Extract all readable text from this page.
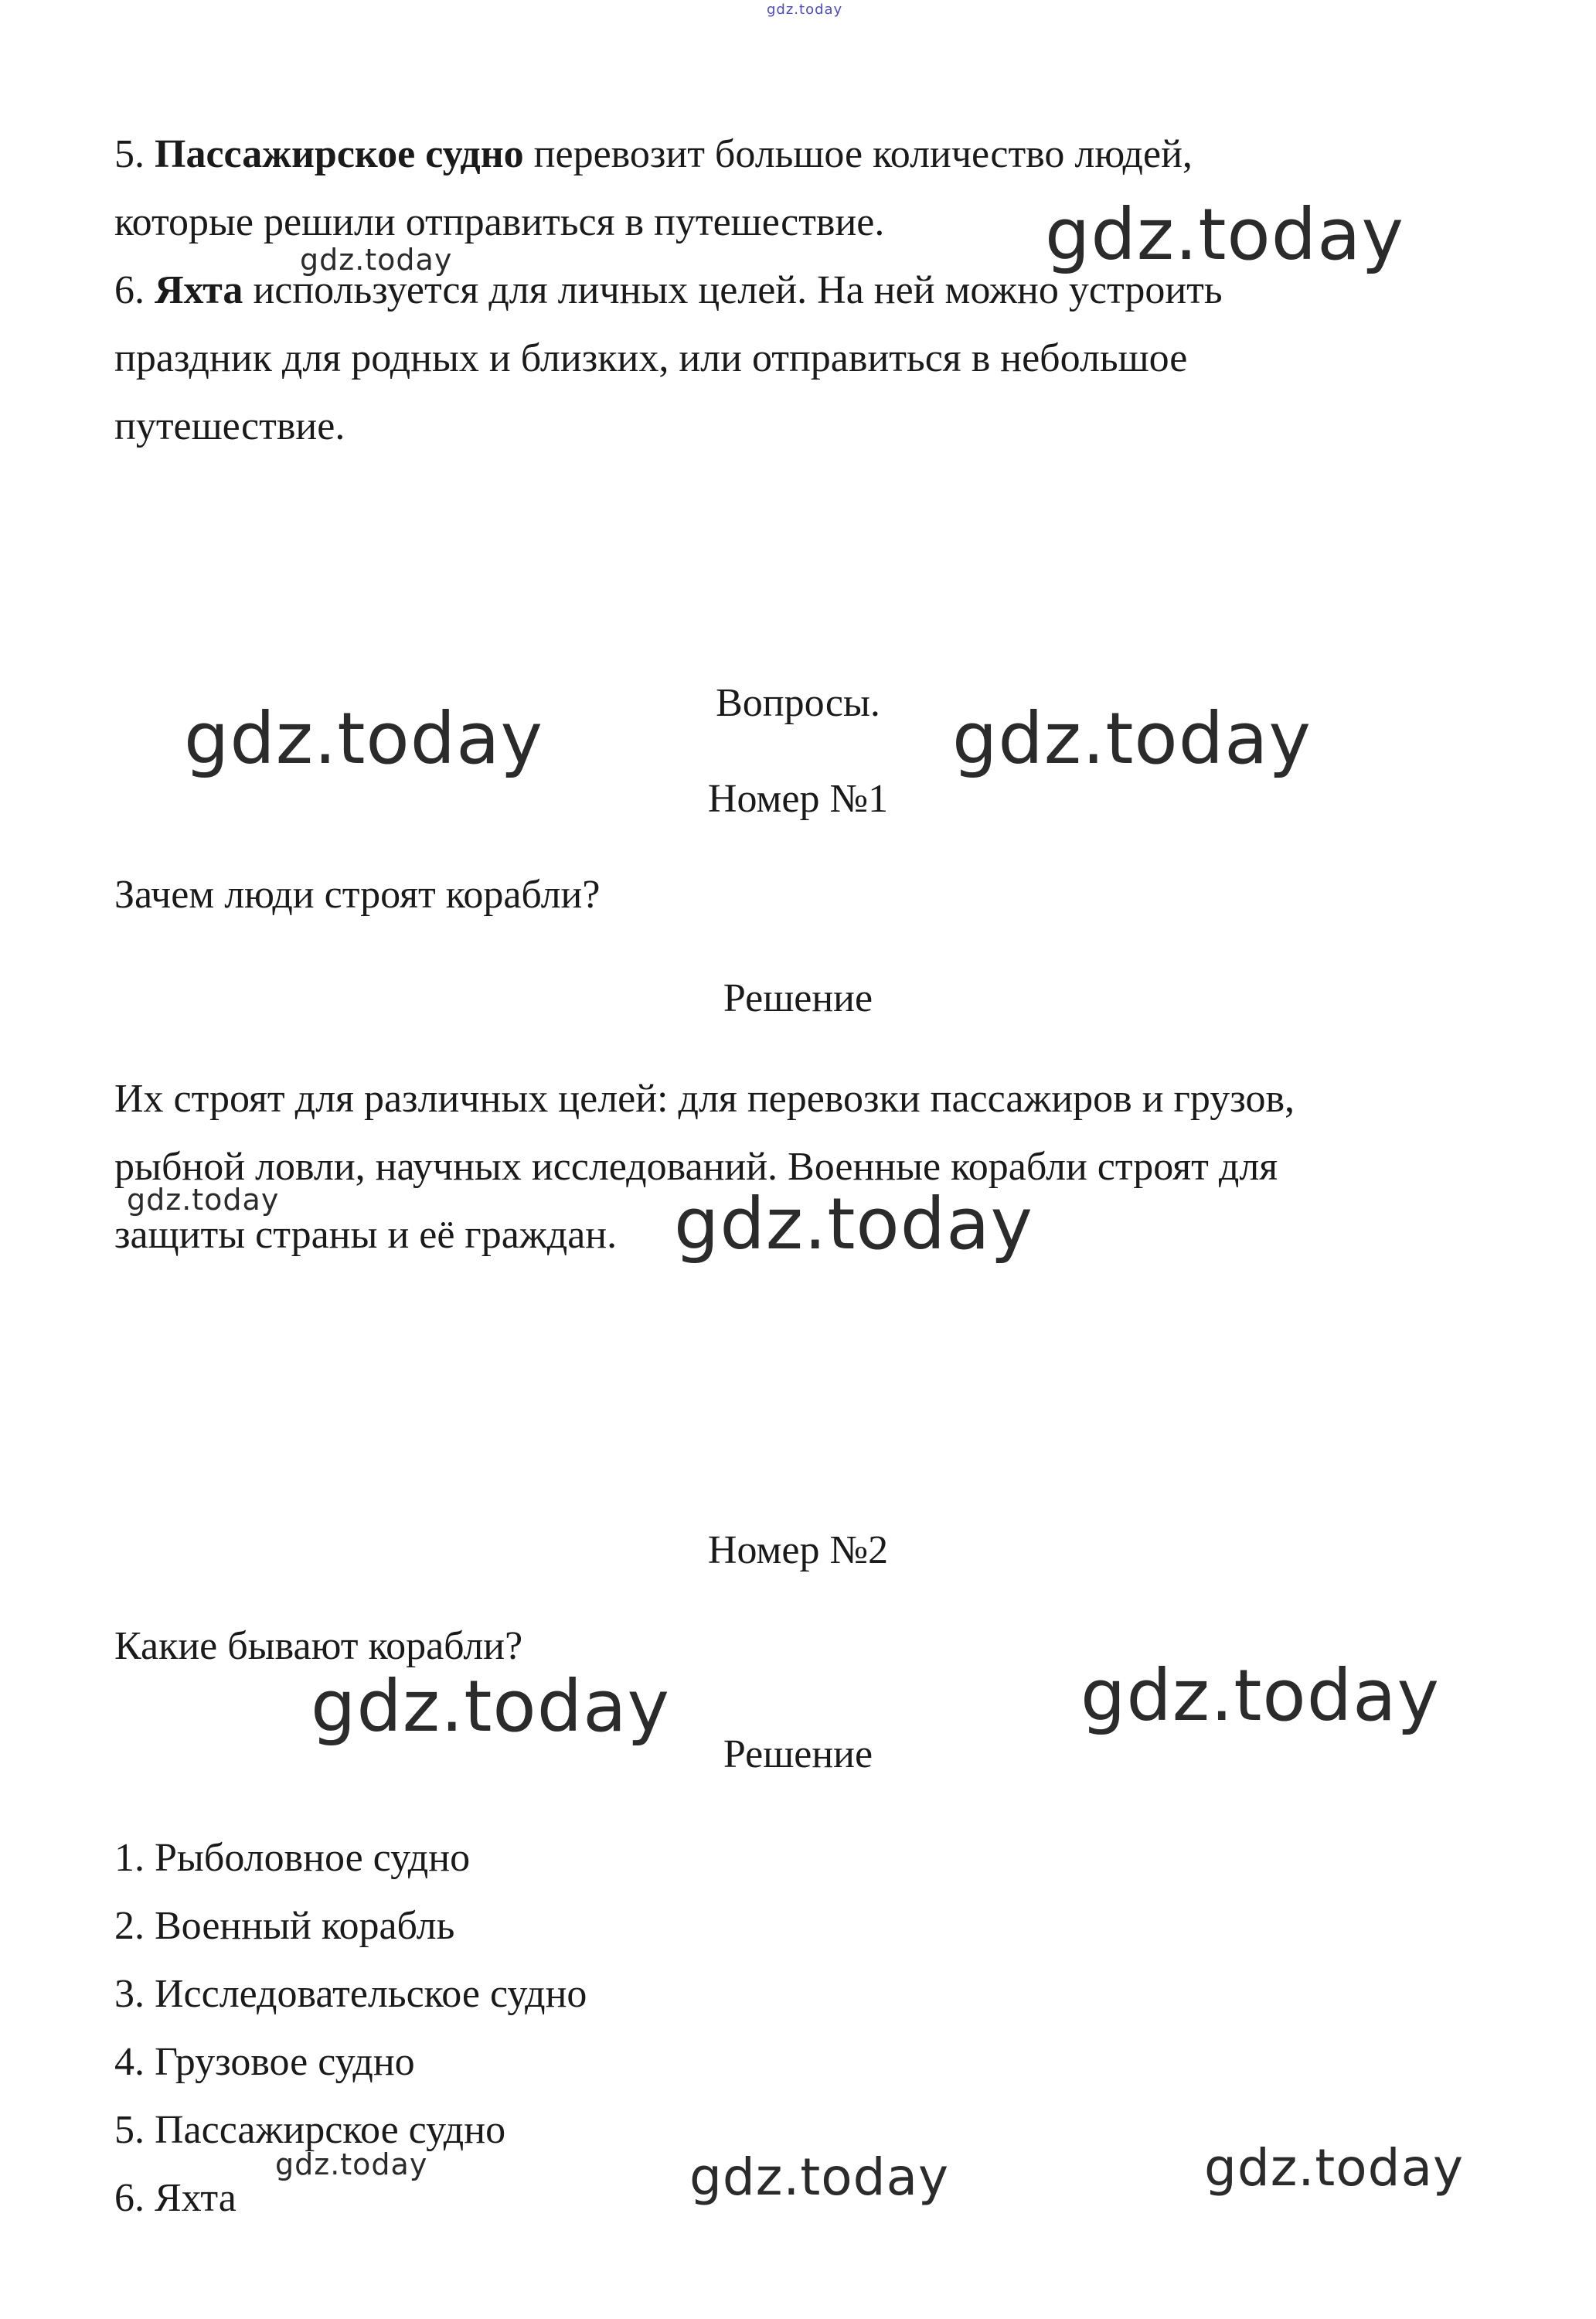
gdz.today

5. Пассажирское судно перевозит большое количество людей,
которые решили отправиться в путешествие.

6. Яхта используется для личных целей. На ней можно устроить
праздник для родных и близких, или отправиться в небольшое
путешествие.

gdz.today
gdz.today
Вопросы.
gdz.today	gdz.today
Номер №1
Зачем люди строят корабли?
Решение

Их строят для различных целей: для перевозки пассажиров и грузов,
рыбной ловли, научных исследований. Военные корабли строят для
защиты страны и её граждан.

gdz.today	gdz.today
Номер №2
Какие бывают корабли?
gdz.today	gdz.today
Решение
1. Рыболовное судно
2. Военный корабль
3. Исследовательское судно
4. Грузовое судно
5. Пассажирское судно
6. Яхта
gdz.today	gdz.today	gdz.today
